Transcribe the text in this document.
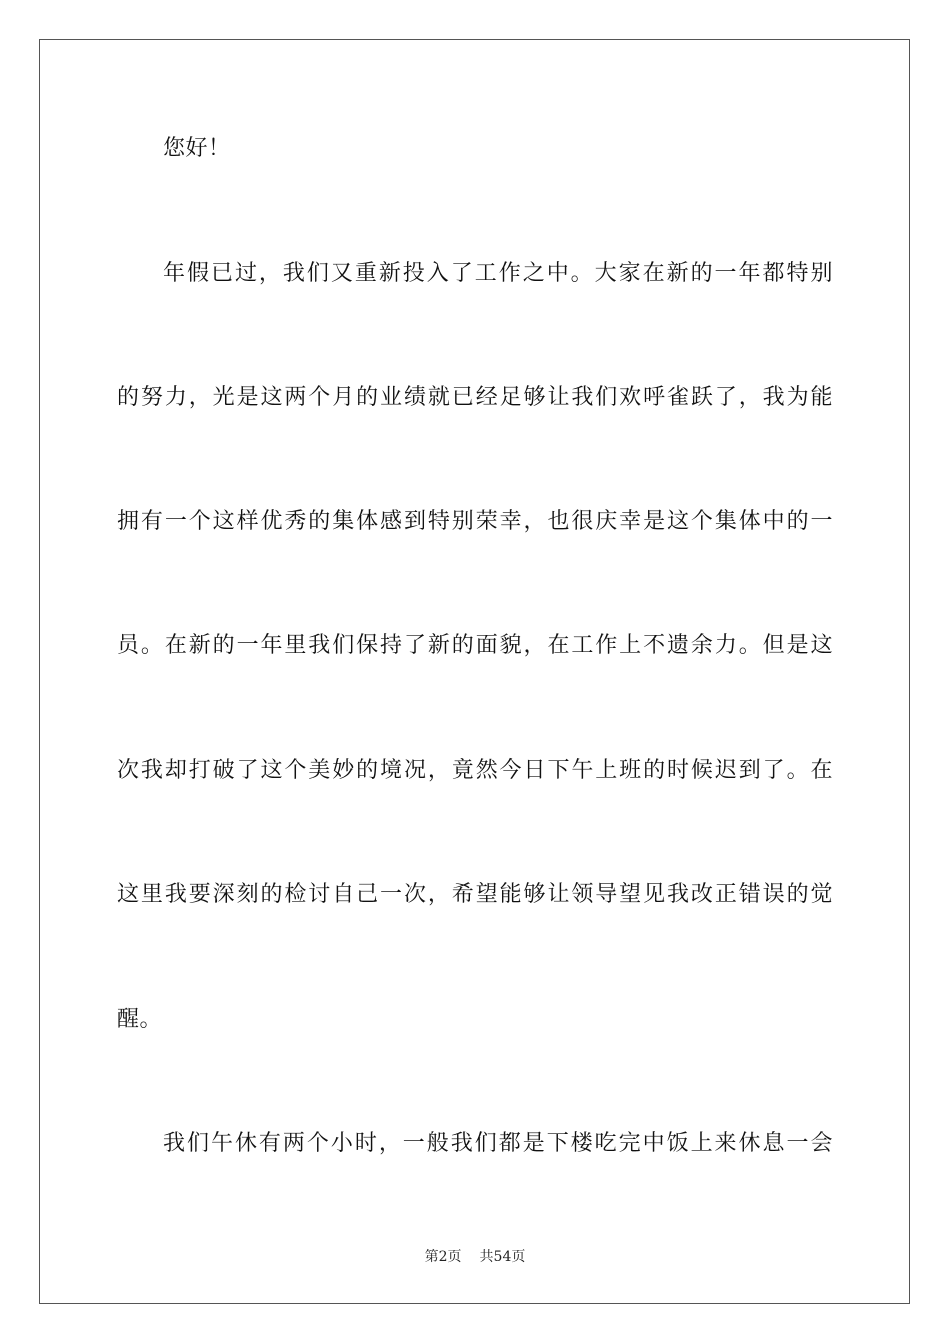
您好！
年假已过，我们又重新投入了工作之中。大家在新的一年都特别
的努力，光是这两个月的业绩就已经足够让我们欢呼雀跃了，我为能
拥有一个这样优秀的集体感到特别荣幸，也很庆幸是这个集体中的一
员。在新的一年里我们保持了新的面貌，在工作上不遗余力。但是这
次我却打破了这个美妙的境况，竟然今日下午上班的时候迟到了。在
这里我要深刻的检讨自己一次，希望能够让领导望见我改正错误的觉
醒。
我们午休有两个小时，一般我们都是下楼吃完中饭上来休息一会
第2页 共54页
